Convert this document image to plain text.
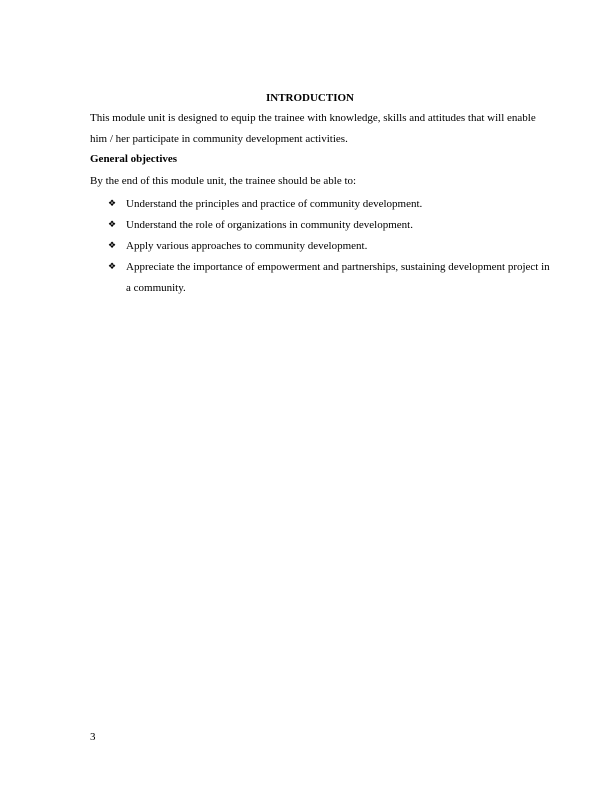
INTRODUCTION
This module unit is designed to equip the trainee with knowledge, skills and attitudes that will enable him / her participate in community development activities.
General objectives
By the end of this module unit, the trainee should be able to:
❖ Understand the principles and practice of community development.
❖ Understand the role of organizations in community development.
❖ Apply various approaches to community development.
❖ Appreciate the importance of empowerment and partnerships, sustaining development project in a community.
3
